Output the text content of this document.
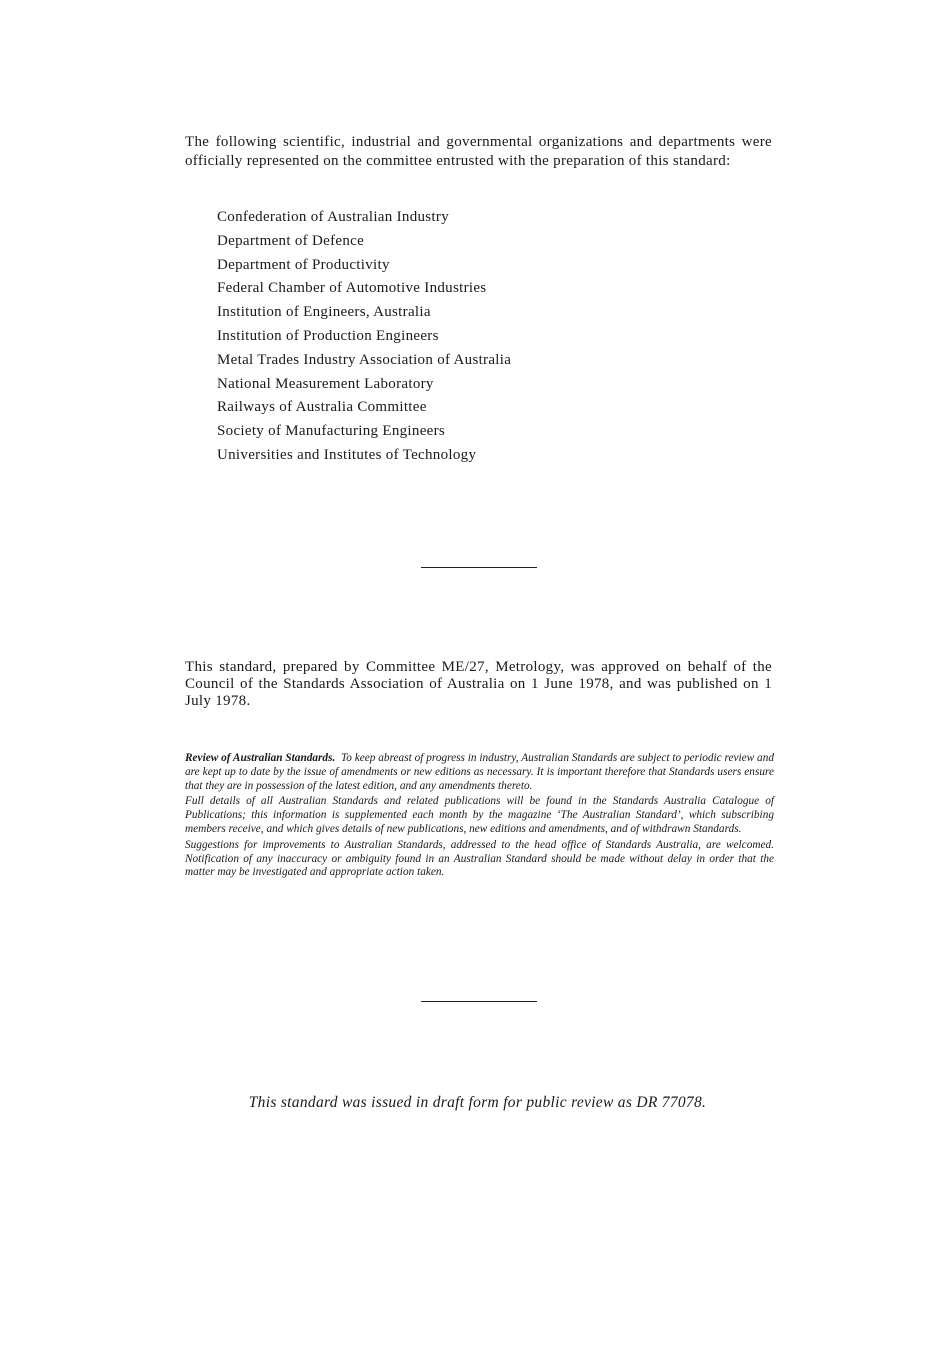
The following scientific, industrial and governmental organizations and departments were officially represented on the committee entrusted with the preparation of this standard:

Confederation of Australian Industry
Department of Defence
Department of Productivity
Federal Chamber of Automotive Industries
Institution of Engineers, Australia
Institution of Production Engineers
Metal Trades Industry Association of Australia
National Measurement Laboratory
Railways of Australia Committee
Society of Manufacturing Engineers
Universities and Institutes of Technology

This standard, prepared by Committee ME/27, Metrology, was approved on behalf of the Council of the Standards Association of Australia on 1 June 1978, and was published on 1 July 1978.

Review of Australian Standards. To keep abreast of progress in industry, Australian Standards are subject to periodic review and are kept up to date by the issue of amendments or new editions as necessary. It is important therefore that Standards users ensure that they are in possession of the latest edition, and any amendments thereto.

Full details of all Australian Standards and related publications will be found in the Standards Australia Catalogue of Publications; this information is supplemented each month by the magazine ‘The Australian Standard’, which subscribing members receive, and which gives details of new publications, new editions and amendments, and of withdrawn Standards.

Suggestions for improvements to Australian Standards, addressed to the head office of Standards Australia, are welcomed. Notification of any inaccuracy or ambiguity found in an Australian Standard should be made without delay in order that the matter may be investigated and appropriate action taken.

This standard was issued in draft form for public review as DR 77078.
